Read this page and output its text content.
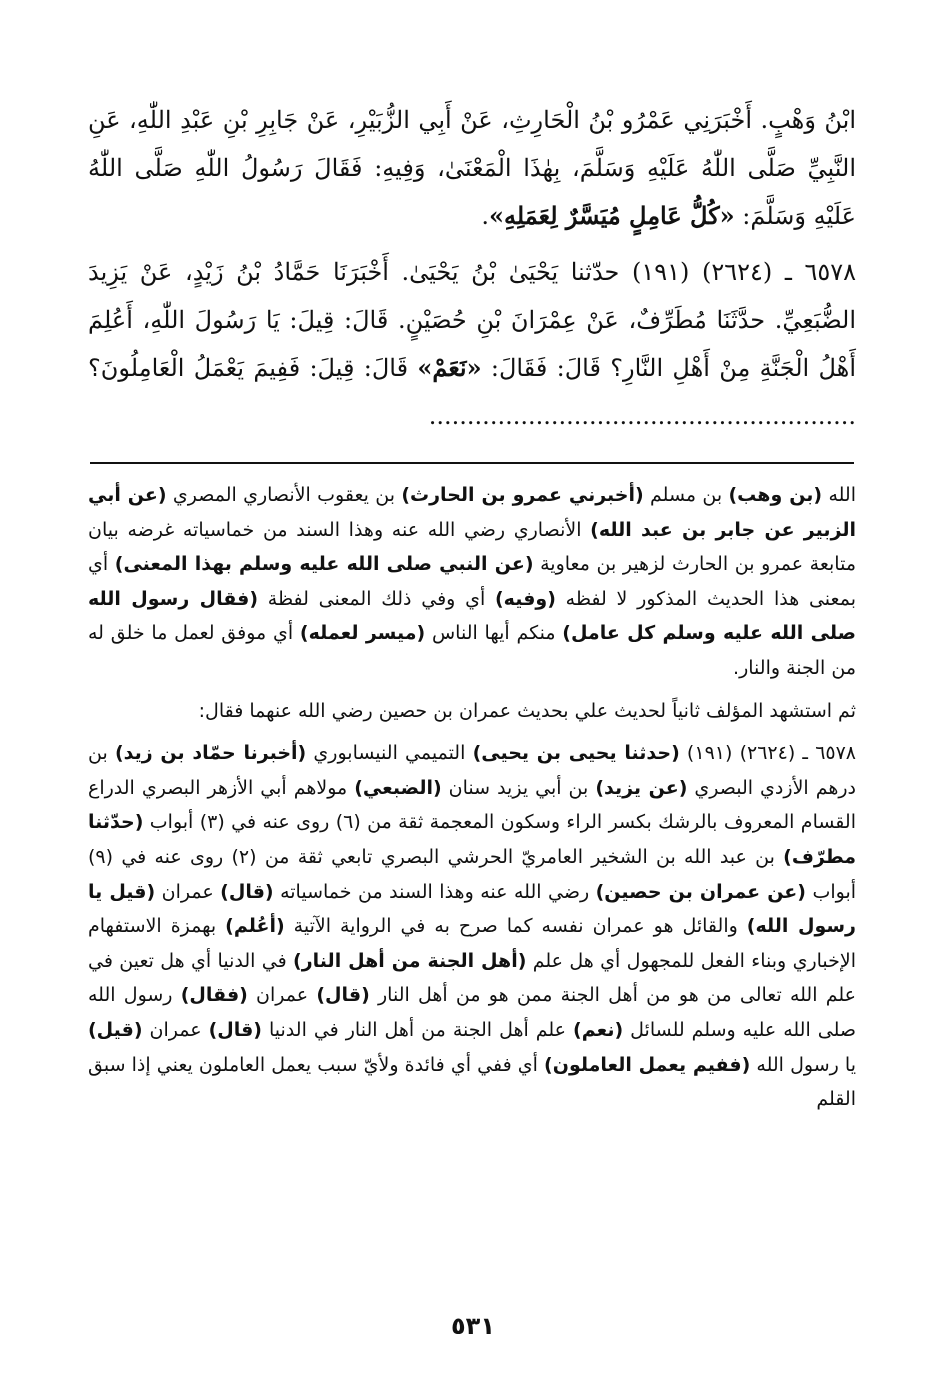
ابْنُ وَهْبٍ. أَخْبَرَنِي عَمْرُو بْنُ الْحَارِثِ، عَنْ أَبِي الزُّبَيْرِ، عَنْ جَابِرِ بْنِ عَبْدِ اللّٰهِ، عَنِ النَّبِيِّ صَلَّى اللّٰهُ عَلَيْهِ وَسَلَّمَ، بِهٰذَا الْمَعْنَىٰ، وَفِيهِ: فَقَالَ رَسُولُ اللّٰهِ صَلَّى اللّٰهُ عَلَيْهِ وَسَلَّمَ: «كُلُّ عَامِلٍ مُيَسَّرٌ لِعَمَلِهِ».

٦٥٧٨ ـ (٢٦٢٤) (١٩١) حدّثنا يَحْيَىٰ بْنُ يَحْيَىٰ. أَخْبَرَنَا حَمَّادُ بْنُ زَيْدٍ، عَنْ يَزِيدَ الضُّبَعِيِّ. حدَّثَنَا مُطَرِّفٌ، عَنْ عِمْرَانَ بْنِ حُصَيْنٍ. قَالَ: قِيلَ: يَا رَسُولَ اللّٰهِ، أَعُلِمَ أَهْلُ الْجَنَّةِ مِنْ أَهْلِ النَّارِ؟ قَالَ: فَقَالَ: «نَعَمْ» قَالَ: قِيلَ: فَفِيمَ يَعْمَلُ الْعَامِلُونَ؟ ........................................................

الله (بن وهب) بن مسلم (أخبرني عمرو بن الحارث) بن يعقوب الأنصاري المصري (عن أبي الزبير عن جابر بن عبد الله) الأنصاري رضي الله عنه وهذا السند من خماسياته غرضه بيان متابعة عمرو بن الحارث لزهير بن معاوية (عن النبي صلى الله عليه وسلم بهذا المعنى) أي بمعنى هذا الحديث المذكور لا لفظه (وفيه) أي وفي ذلك المعنى لفظة (فقال رسول الله صلى الله عليه وسلم كل عامل) منكم أيها الناس (ميسر لعمله) أي موفق لعمل ما خلق له من الجنة والنار.

ثم استشهد المؤلف ثانياً لحديث علي بحديث عمران بن حصين رضي الله عنهما فقال:

٦٥٧٨ ـ (٢٦٢٤) (١٩١) (حدثنا يحيى بن يحيى) التميمي النيسابوري (أخبرنا حمّاد بن زيد) بن درهم الأزدي البصري (عن يزيد) بن أبي يزيد سنان (الضبعي) مولاهم أبي الأزهر البصري الدراع القسام المعروف بالرشك بكسر الراء وسكون المعجمة ثقة من (٦) روى عنه في (٣) أبواب (حدّثنا مطرّف) بن عبد الله بن الشخير العامريّ الحرشي البصري تابعي ثقة من (٢) روى عنه في (٩) أبواب (عن عمران بن حصين) رضي الله عنه وهذا السند من خماسياته (قال) عمران (قيل يا رسول الله) والقائل هو عمران نفسه كما صرح به في الرواية الآتية (أعُلم) بهمزة الاستفهام الإخباري وبناء الفعل للمجهول أي هل علم (أهل الجنة من أهل النار) في الدنيا أي هل تعين في علم الله تعالى من هو من أهل الجنة ممن هو من أهل النار (قال) عمران (فقال) رسول الله صلى الله عليه وسلم للسائل (نعم) علم أهل الجنة من أهل النار في الدنيا (قال) عمران (قيل) يا رسول الله (ففيم يعمل العاملون) أي ففي أي فائدة ولأيّ سبب يعمل العاملون يعني إذا سبق القلم

٥٣١
